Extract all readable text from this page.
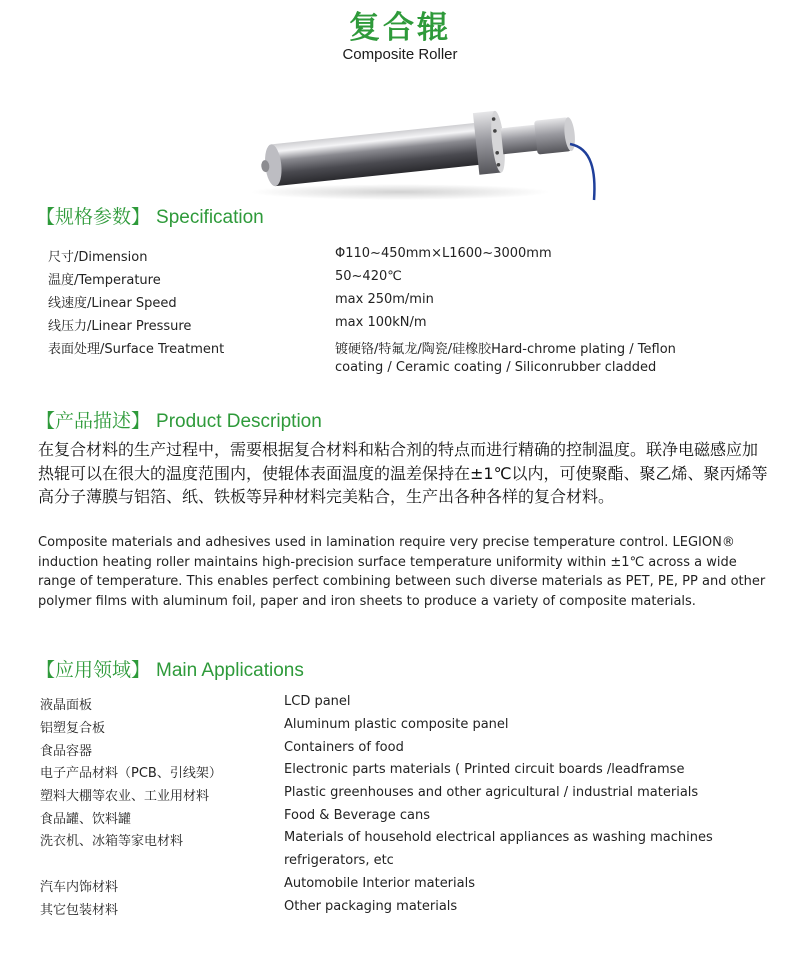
复合辊
Composite Roller
【规格参数】 Specification
尺寸/Dimension	Φ110~450mm×L1600~3000mm
温度/Temperature	50~420℃
线速度/Linear Speed	max 250m/min
线压力/Linear Pressure	max 100kN/m
表面处理/Surface Treatment	镀硬铬/特氟龙/陶瓷/硅橡胶Hard-chrome plating / Teflon
coating / Ceramic coating / Siliconrubber cladded
【产品描述】 Product Description
在复合材料的生产过程中，需要根据复合材料和粘合剂的特点而进行精确的控制温度。联净电磁感应加热辊可以在很大的温度范围内，使辊体表面温度的温差保持在±1℃以内，可使聚酯、聚乙烯、聚丙烯等高分子薄膜与铝箔、纸、铁板等异种材料完美粘合，生产出各种各样的复合材料。
Composite materials and adhesives used in lamination require very precise temperature control. LEGION® induction heating roller maintains high-precision surface temperature uniformity within ±1℃ across a wide range of temperature. This enables perfect combining between such diverse materials as PET, PE, PP and other polymer films with aluminum foil, paper and iron sheets to produce a variety of composite materials.
【应用领域】 Main Applications
液晶面板	LCD panel
铝塑复合板	Aluminum plastic composite panel
食品容器	Containers of food
电子产品材料（PCB、引线架）	Electronic parts materials ( Printed circuit boards /leadframse
塑料大棚等农业、工业用材料	Plastic greenhouses and other agricultural / industrial materials
食品罐、饮料罐	Food & Beverage cans
洗衣机、冰箱等家电材料	Materials of household electrical appliances as washing machines
refrigerators, etc
汽车内饰材料	Automobile Interior materials
其它包装材料	Other packaging materials
